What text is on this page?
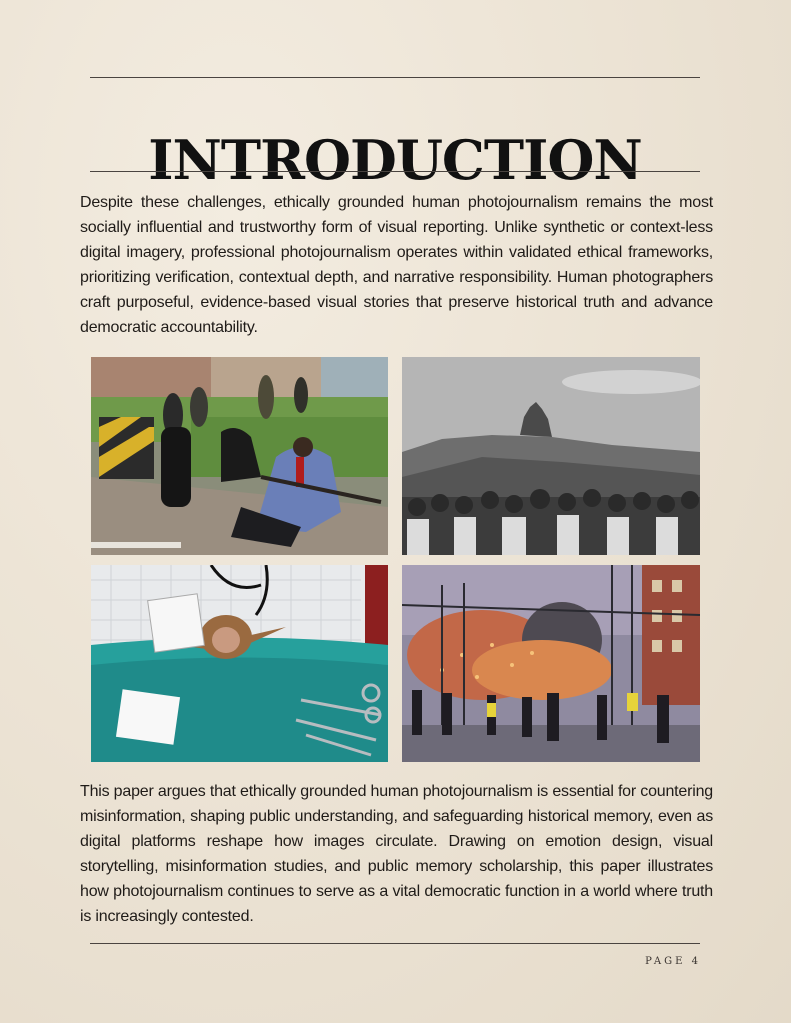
INTRODUCTION

Despite these challenges, ethically grounded human photojournalism remains the most socially influential and trustworthy form of visual reporting. Unlike synthetic or context-less digital imagery, professional photojournalism operates within validated ethical frameworks, prioritizing verification, contextual depth, and narrative responsibility. Human photographers craft purposeful, evidence-based visual stories that preserve historical truth and advance democratic accountability.

This paper argues that ethically grounded human photojournalism is essential for countering misinformation, shaping public understanding, and safeguarding historical memory, even as digital platforms reshape how images circulate. Drawing on emotion design, visual storytelling, misinformation studies, and public memory scholarship, this paper illustrates how photojournalism continues to serve as a vital democratic function in a world where truth is increasingly contested.

PAGE 4
